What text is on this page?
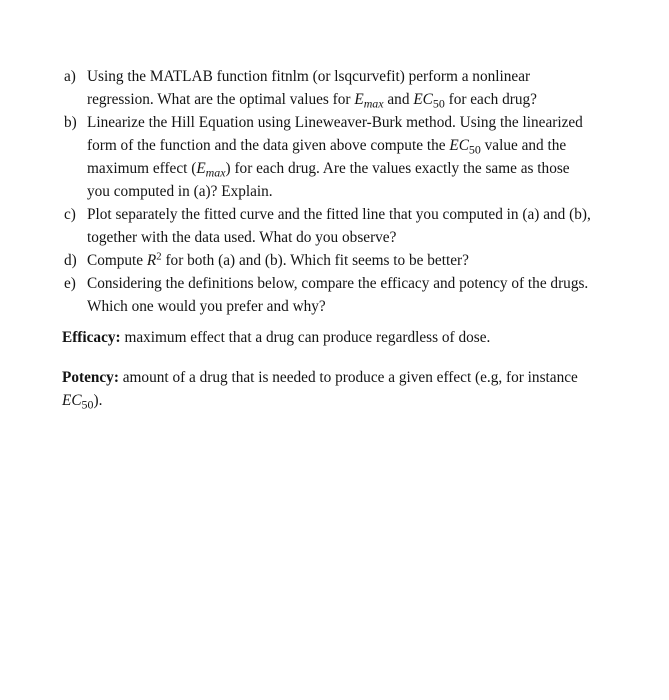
a) Using the MATLAB function fitnlm (or lsqcurvefit) perform a nonlinear regression. What are the optimal values for $E_{max}$ and $EC_{50}$ for each drug?
b) Linearize the Hill Equation using Lineweaver-Burk method. Using the linearized form of the function and the data given above compute the $EC_{50}$ value and the maximum effect $(E_{max})$ for each drug. Are the values exactly the same as those you computed in (a)? Explain.
c) Plot separately the fitted curve and the fitted line that you computed in (a) and (b), together with the data used. What do you observe?
d) Compute $R^2$ for both (a) and (b). Which fit seems to be better?
e) Considering the definitions below, compare the efficacy and potency of the drugs. Which one would you prefer and why?

Efficacy: maximum effect that a drug can produce regardless of dose.

Potency: amount of a drug that is needed to produce a given effect (e.g, for instance $EC_{50}$).
